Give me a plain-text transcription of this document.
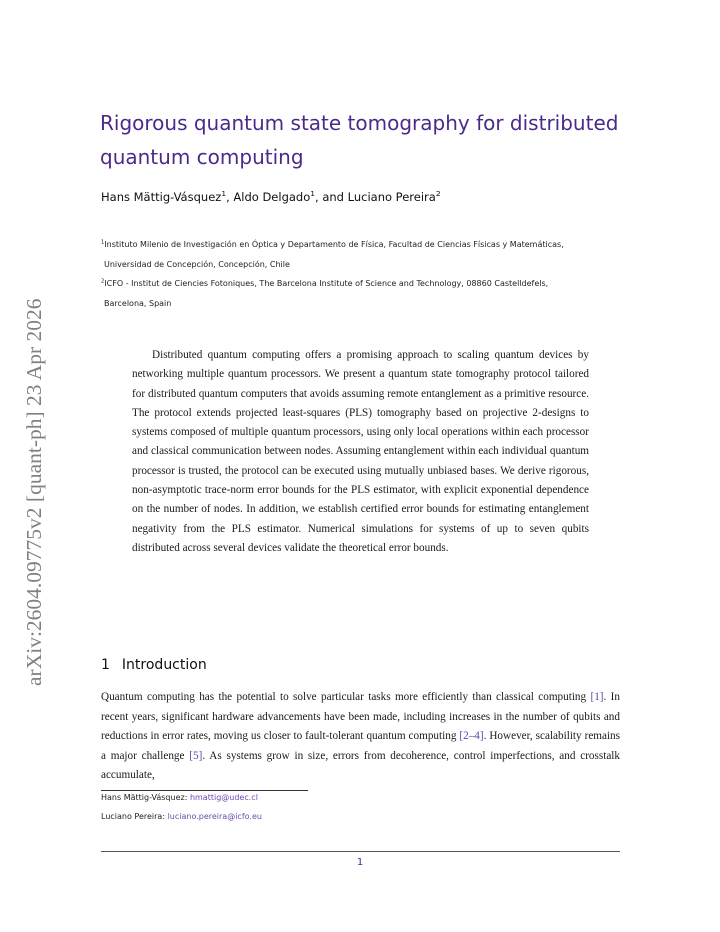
arXiv:2604.09775v2 [quant-ph] 23 Apr 2026
Rigorous quantum state tomography for distributed quantum computing
Hans Mättig-Vásquez$^1$, Aldo Delgado$^1$, and Luciano Pereira$^2$
$^1$Instituto Milenio de Investigación en Óptica y Departamento de Física, Facultad de Ciencias Físicas y Matemáticas,
Universidad de Concepción, Concepción, Chile
$^2$ICFO - Institut de Ciencies Fotoniques, The Barcelona Institute of Science and Technology, 08860 Castelldefels,
Barcelona, Spain

Distributed quantum computing offers a promising approach to scaling quantum devices by networking multiple quantum processors. We present a quantum state tomography protocol tailored for distributed quantum computers that avoids assuming remote entanglement as a primitive resource. The protocol extends projected least-squares (PLS) tomography based on projective 2-designs to systems composed of multiple quantum processors, using only local operations within each processor and classical communication between nodes. Assuming entanglement within each individual quantum processor is trusted, the protocol can be executed using mutually unbiased bases. We derive rigorous, non-asymptotic trace-norm error bounds for the PLS estimator, with explicit exponential dependence on the number of nodes. In addition, we establish certified error bounds for estimating entanglement negativity from the PLS estimator. Numerical simulations for systems of up to seven qubits distributed across several devices validate the theoretical error bounds.

1 Introduction

Quantum computing has the potential to solve particular tasks more efficiently than classical computing [1]. In recent years, significant hardware advancements have been made, including increases in the number of qubits and reductions in error rates, moving us closer to fault-tolerant quantum computing [2–4]. However, scalability remains a major challenge [5]. As systems grow in size, errors from decoherence, control imperfections, and crosstalk accumulate,

Hans Mättig-Vásquez: hmattig@udec.cl
Luciano Pereira: luciano.pereira@icfo.eu
1
